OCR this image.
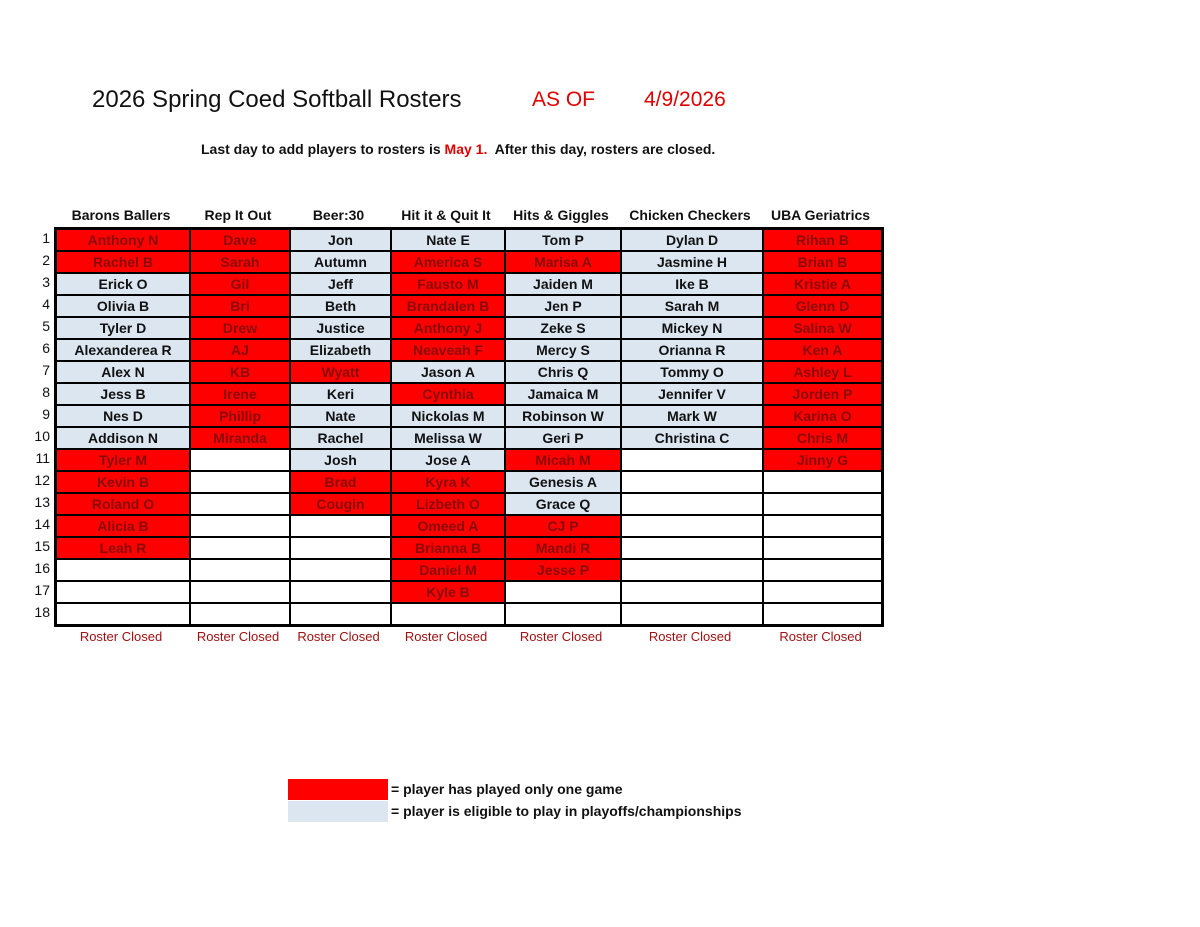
2026 Spring Coed Softball Rosters	AS OF 4/9/2026
Last day to add players to rosters is May 1.  After this day, rosters are closed.
Barons Ballers	Rep It Out	Beer:30	Hit it & Quit It	Hits & Giggles	Chicken Checkers	UBA Geriatrics
1
2
3
4
5
6
7
8
9
10
11
12
13
14
15
16
17
18
Anthony N	Dave	Jon	Nate E	Tom P	Dylan D	Rihan B
Rachel B	Sarah	Autumn	America S	Marisa A	Jasmine H	Brian B
Erick O	Gil	Jeff	Fausto M	Jaiden M	Ike B	Kristie A
Olivia B	Bri	Beth	Brandalen B	Jen P	Sarah M	Glenn D
Tyler D	Drew	Justice	Anthony J	Zeke S	Mickey N	Salina W
Alexanderea R	AJ	Elizabeth	Neaveah F	Mercy S	Orianna R	Ken A
Alex N	KB	Wyatt	Jason A	Chris Q	Tommy O	Ashley L
Jess B	Irene	Keri	Cynthia	Jamaica M	Jennifer V	Jorden P
Nes D	Phillip	Nate	Nickolas M	Robinson W	Mark W	Karina O
Addison N	Miranda	Rachel	Melissa W	Geri P	Christina C	Chris M
Tyler M		Josh	Jose A	Micah M		Jinny G
Kevin B		Brad	Kyra K	Genesis A		
Roland O		Cougin	Lizbeth O	Grace Q		
Alicia B			Omeed A	CJ P		
Leah R			Brianna B	Mandi R		
			Daniel M	Jesse P		
			Kyle B			

Roster Closed	Roster Closed	Roster Closed	Roster Closed	Roster Closed	Roster Closed	Roster Closed
= player has played only one game
= player is eligible to play in playoffs/championships
